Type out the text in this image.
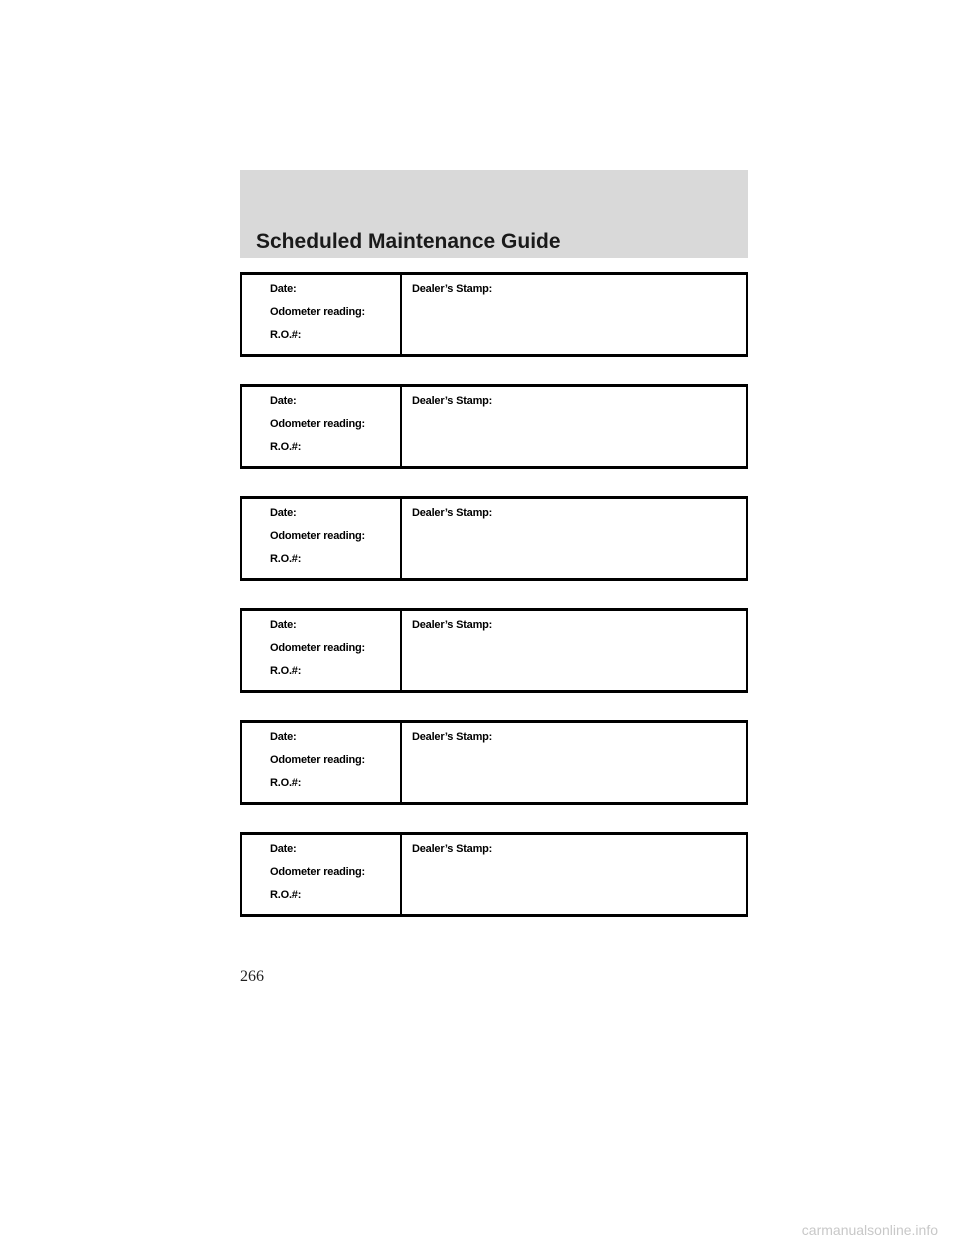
Scheduled Maintenance Guide
Date:
Odometer reading:
R.O.#:
Dealer’s Stamp:
Date:
Odometer reading:
R.O.#:
Dealer’s Stamp:
Date:
Odometer reading:
R.O.#:
Dealer’s Stamp:
Date:
Odometer reading:
R.O.#:
Dealer’s Stamp:
Date:
Odometer reading:
R.O.#:
Dealer’s Stamp:
Date:
Odometer reading:
R.O.#:
Dealer’s Stamp:
266
carmanualsonline.info
